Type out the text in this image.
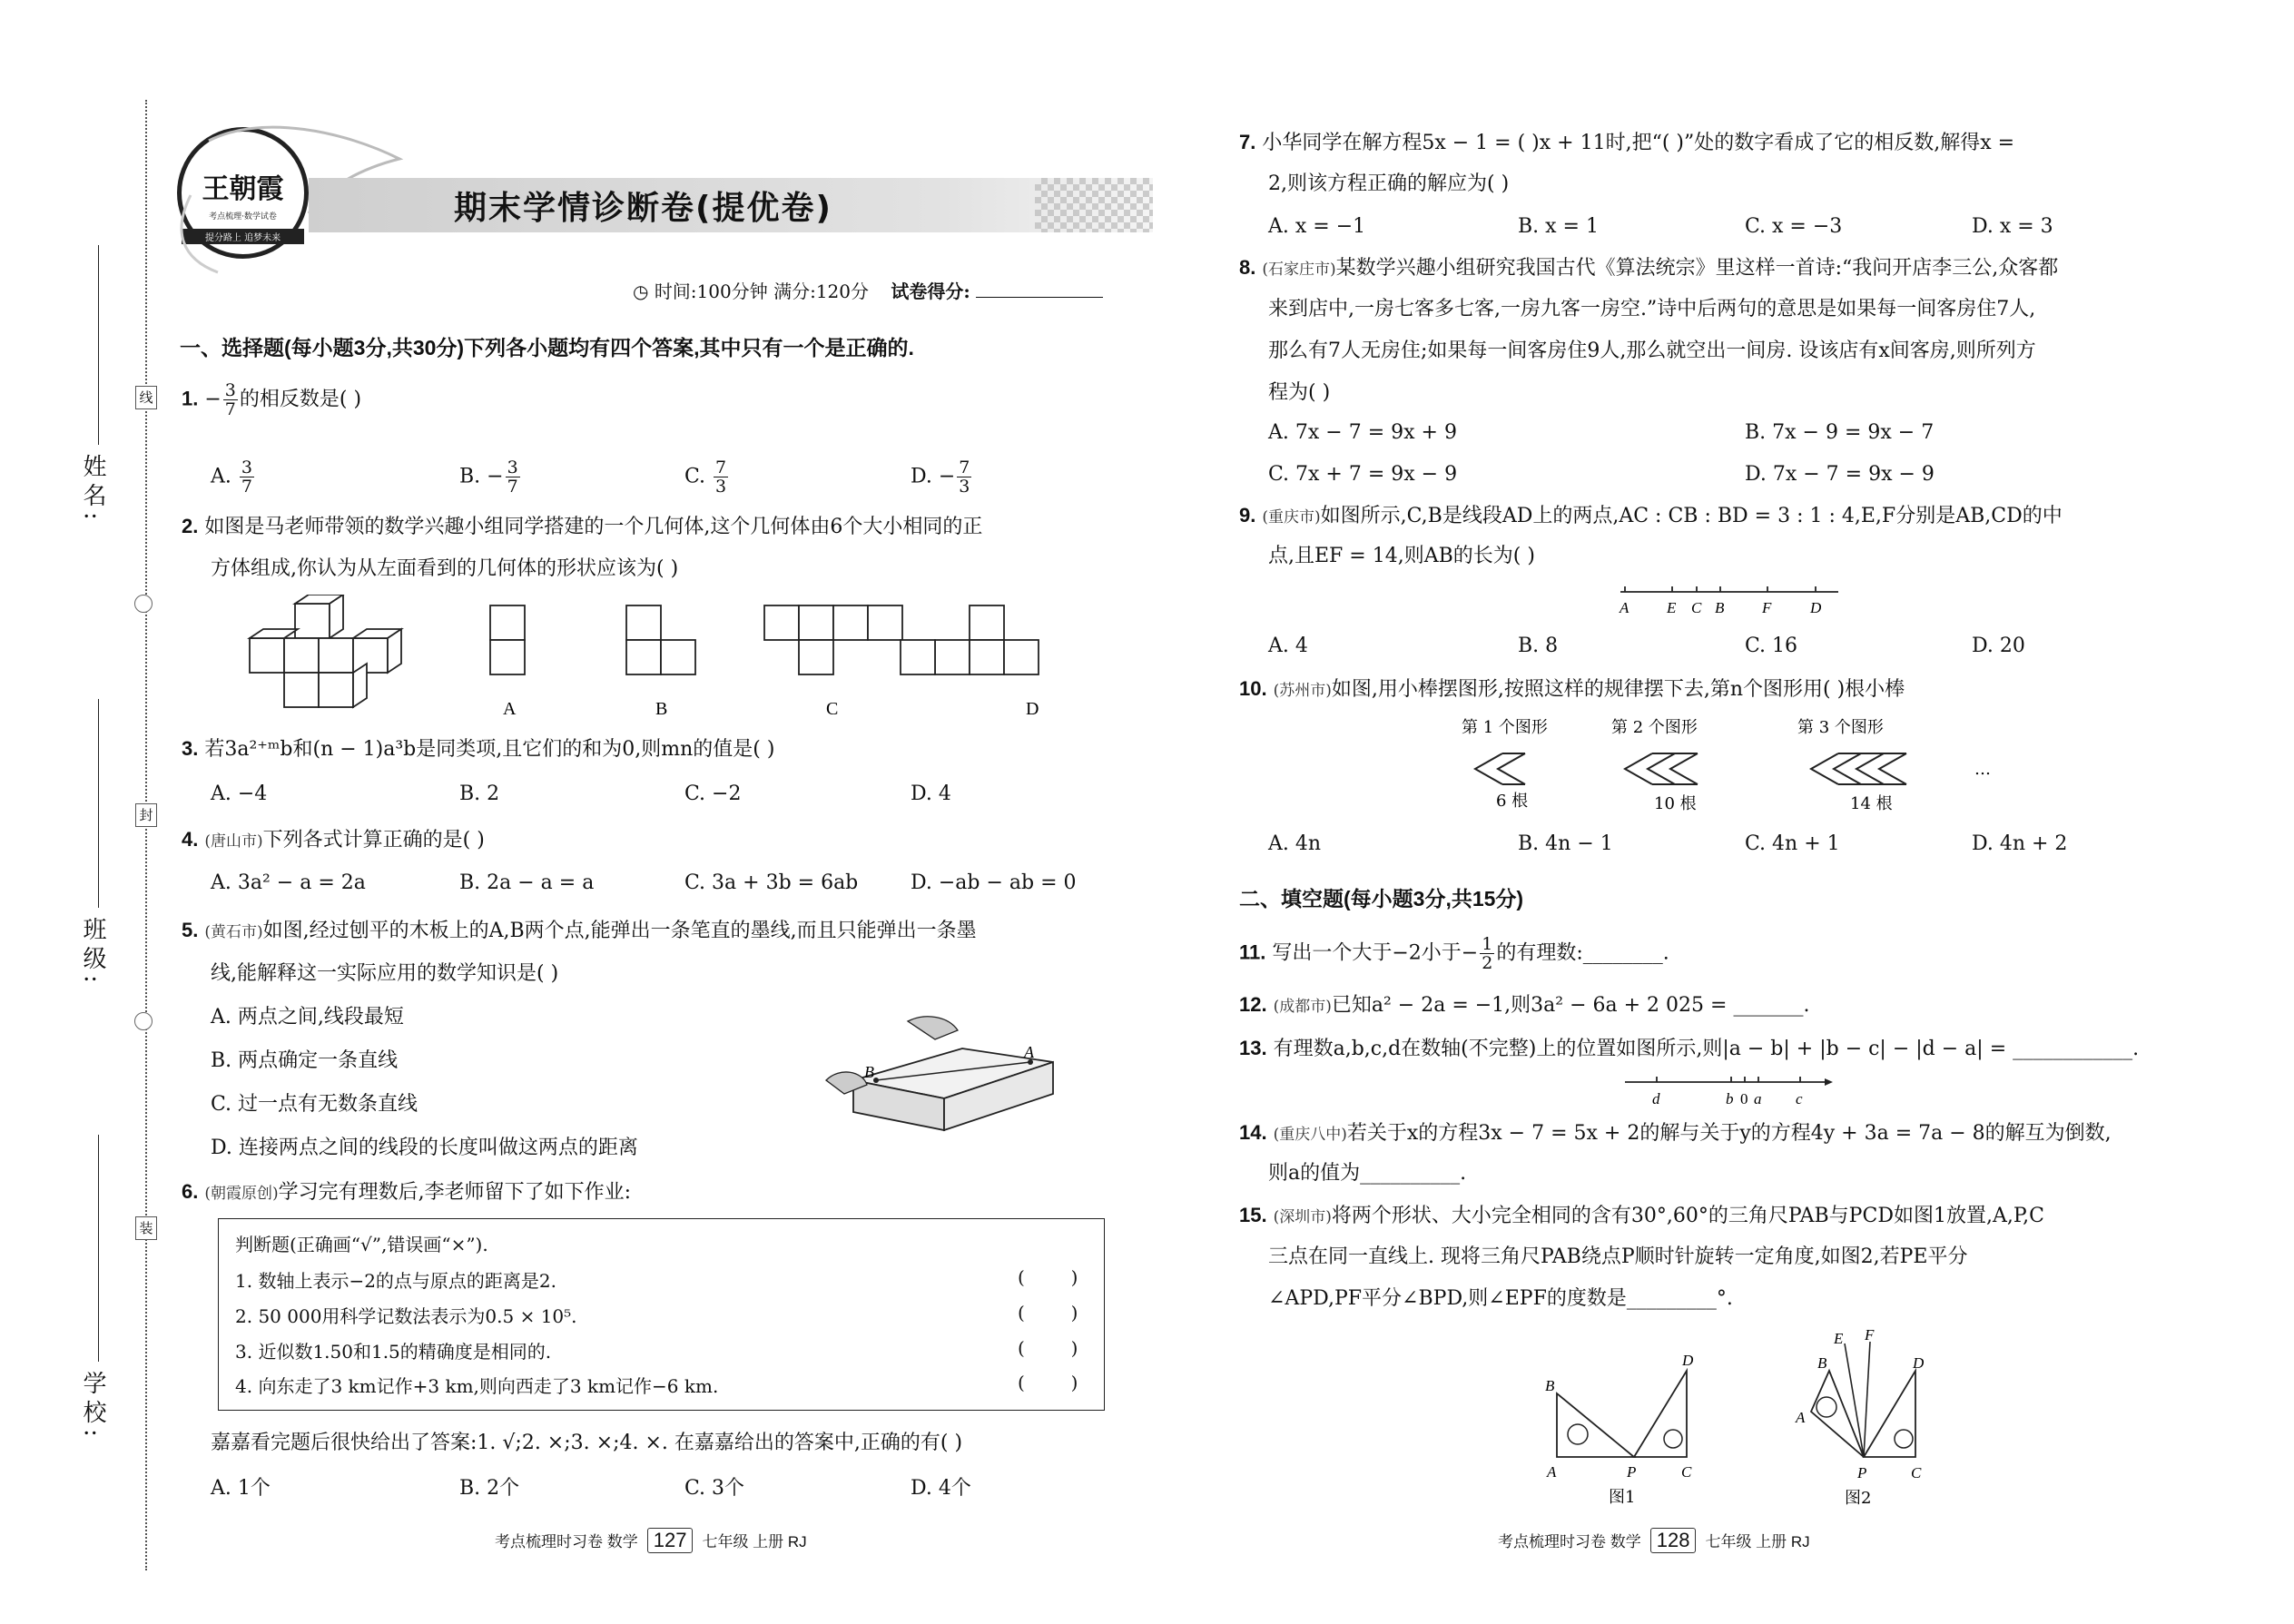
线
封
装
姓名:
班级:
学校:
王朝霞
考点梳理·数学试卷
提分路上 追梦未来
期末学情诊断卷(提优卷)
◷ 时间:100分钟 满分:120分 试卷得分:
一、选择题(每小题3分,共30分)下列各小题均有四个答案,其中只有一个是正确的.
1. − $\frac{3}{7}$ 的相反数是( )
A. $\frac{3}{7}$	B. − $\frac{3}{7}$	C. $\frac{7}{3}$	D. − $\frac{7}{3}$
2. 如图是马老师带领的数学兴趣小组同学搭建的一个几何体,这个几何体由6个大小相同的正
方体组成,你认为从左面看到的几何体的形状应该为( )
A	B	C	D
3. 若3a²⁺ᵐb和(n − 1)a³b是同类项,且它们的和为0,则mn的值是( )
A. −4	B. 2	C. −2	D. 4
4. (唐山市)下列各式计算正确的是( )
A. 3a² − a = 2a	B. 2a − a = a	C. 3a + 3b = 6ab	D. −ab − ab = 0
5. (黄石市)如图,经过刨平的木板上的A,B两个点,能弹出一条笔直的墨线,而且只能弹出一条墨
线,能解释这一实际应用的数学知识是( )
A. 两点之间,线段最短
B. 两点确定一条直线
C. 过一点有无数条直线
D. 连接两点之间的线段的长度叫做这两点的距离
B
A
6. (朝霞原创)学习完有理数后,李老师留下了如下作业:
判断题(正确画“√”,错误画“×”).
1. 数轴上表示−2的点与原点的距离是2.
2. 50 000用科学记数法表示为0.5 × 10⁵.
3. 近似数1.50和1.5的精确度是相同的.
4. 向东走了3 km记作+3 km,则向西走了3 km记作−6 km.
(        )
(        )
(        )
(        )
嘉嘉看完题后很快给出了答案:1. √;2. ×;3. ×;4. ×. 在嘉嘉给出的答案中,正确的有( )
A. 1个	B. 2个	C. 3个	D. 4个
考点梳理时习卷 数学 127 七年级 上册 RJ
7. 小华同学在解方程5x − 1 = ( )x + 11时,把“( )”处的数字看成了它的相反数,解得x =
2,则该方程正确的解应为( )
A. x = −1	B. x = 1	C. x = −3	D. x = 3
8. (石家庄市)某数学兴趣小组研究我国古代《算法统宗》里这样一首诗:“我问开店李三公,众客都
来到店中,一房七客多七客,一房九客一房空.”诗中后两句的意思是如果每一间客房住7人,
那么有7人无房住;如果每一间客房住9人,那么就空出一间房. 设该店有x间客房,则所列方
程为( )
A. 7x − 7 = 9x + 9	B. 7x − 9 = 9x − 7
C. 7x + 7 = 9x − 9	D. 7x − 7 = 9x − 9
9. (重庆市)如图所示,C,B是线段AD上的两点,AC : CB : BD = 3 : 1 : 4,E,F分别是AB,CD的中
点,且EF = 14,则AB的长为( )
A E C B F	D
A. 4	B. 8	C. 16	D. 20
10. (苏州市)如图,用小棒摆图形,按照这样的规律摆下去,第n个图形用( )根小棒
第 1 个图形	第 2 个图形	第 3 个图形
6 根	10 根	14 根
…
A. 4n	B. 4n − 1	C. 4n + 1	D. 4n + 2
二、填空题(每小题3分,共15分)
11. 写出一个大于−2小于− $\frac{1}{2}$ 的有理数:________.
12. (成都市)已知a² − 2a = −1,则3a² − 6a + 2 025 = _______.
13. 有理数a,b,c,d在数轴(不完整)上的位置如图所示,则|a − b| + |b − c| − |d − a| = ____________.
d	b 0 a c
14. (重庆八中)若关于x的方程3x − 7 = 5x + 2的解与关于y的方程4y + 3a = 7a − 8的解互为倒数,
则a的值为__________.
15. (深圳市)将两个形状、大小完全相同的含有30°,60°的三角尺PAB与PCD如图1放置,A,P,C
三点在同一直线上. 现将三角尺PAB绕点P顺时针旋转一定角度,如图2,若PE平分
∠APD,PF平分∠BPD,则∠EPF的度数是_________°.
B
A	P	C
D
图1
E F
B	D
A
P	C
图2
考点梳理时习卷 数学 128 七年级 上册 RJ
